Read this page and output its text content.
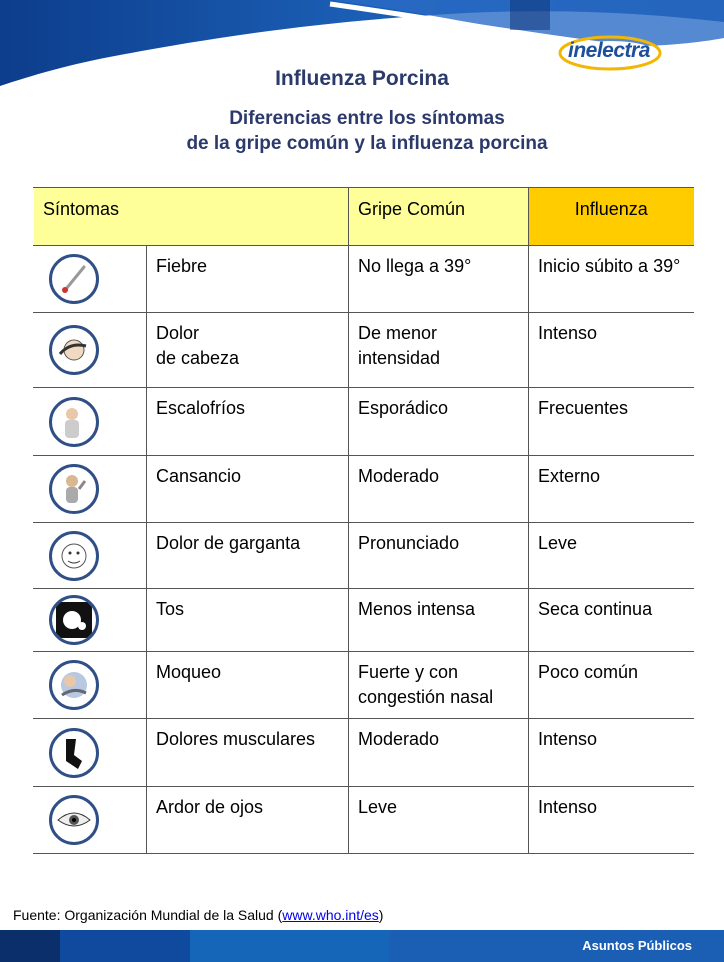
inelectra
Influenza Porcina
Diferencias entre los síntomas
de la gripe común y la influenza porcina
Síntomas		Gripe Común	Influenza

	Fiebre	No llega a 39°	Inicio súbito a 39°

	Dolor
de cabeza	De menor intensidad	Intenso

	Escalofríos	Esporádico	Frecuentes

	Cansancio	Moderado	Externo

	Dolor de garganta	Pronunciado	Leve

	Tos	Menos intensa	Seca continua

	Moqueo	Fuerte y con congestión nasal	Poco común

	Dolores musculares	Moderado	Intenso

	Ardor de ojos	Leve	Intenso
Fuente: Organización Mundial de la Salud (www.who.int/es)
Asuntos Públicos
